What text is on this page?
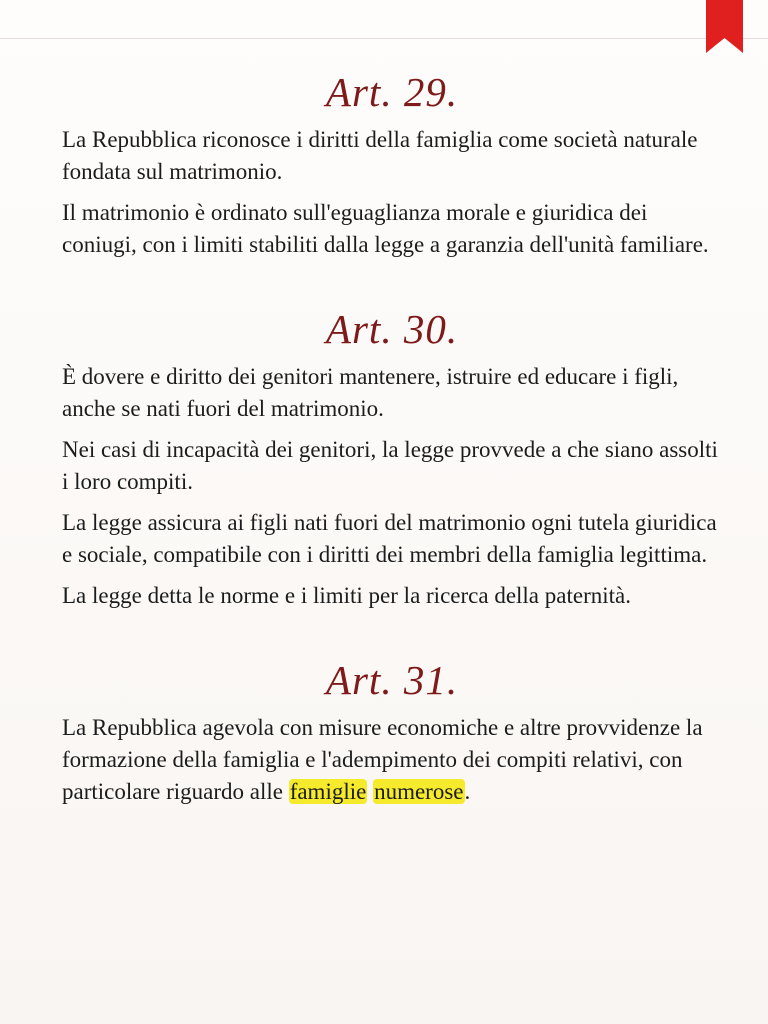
Art. 29.

La Repubblica riconosce i diritti della famiglia come società naturale fondata sul matrimonio.

Il matrimonio è ordinato sull'eguaglianza morale e giuridica dei coniugi, con i limiti stabiliti dalla legge a garanzia dell'unità familiare.

Art. 30.

È dovere e diritto dei genitori mantenere, istruire ed educare i figli, anche se nati fuori del matrimonio.

Nei casi di incapacità dei genitori, la legge provvede a che siano assolti i loro compiti.

La legge assicura ai figli nati fuori del matrimonio ogni tutela giuridica e sociale, compatibile con i diritti dei membri della famiglia legittima.

La legge detta le norme e i limiti per la ricerca della paternità.

Art. 31.

La Repubblica agevola con misure economiche e altre provvidenze la formazione della famiglia e l'adempimento dei compiti relativi, con particolare riguardo alle famiglie numerose.
